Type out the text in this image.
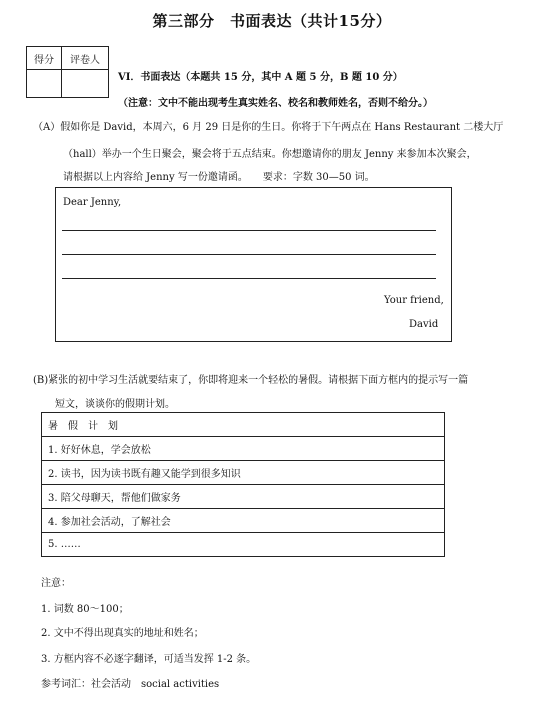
第三部分　书面表达（共计15分）
得分	评卷人

VI．书面表达（本题共 15 分，其中 A 题 5 分，B 题 10 分）
（注意：文中不能出现考生真实姓名、校名和教师姓名，否则不给分。）
（A）假如你是 David，本周六，6 月 29 日是你的生日。你将于下午两点在 Hans Restaurant 二楼大厅
（hall）举办一个生日聚会，聚会将于五点结束。你想邀请你的朋友 Jenny 来参加本次聚会，
请根据以上内容给 Jenny 写一份邀请函。　　要求：字数 30—50 词。
Dear Jenny,
Your friend,
David
(B)紧张的初中学习生活就要结束了，你即将迎来一个轻松的暑假。请根据下面方框内的提示写一篇
短文，谈谈你的假期计划。
暑　假　计　划
1. 好好休息，学会放松
2. 读书，因为读书既有趣又能学到很多知识
3. 陪父母聊天，帮他们做家务
4. 参加社会活动，了解社会
5. ……
注意：
1. 词数 80～100；
2. 文中不得出现真实的地址和姓名；
3. 方框内容不必逐字翻译，可适当发挥 1-2 条。
参考词汇：社会活动　social activities
